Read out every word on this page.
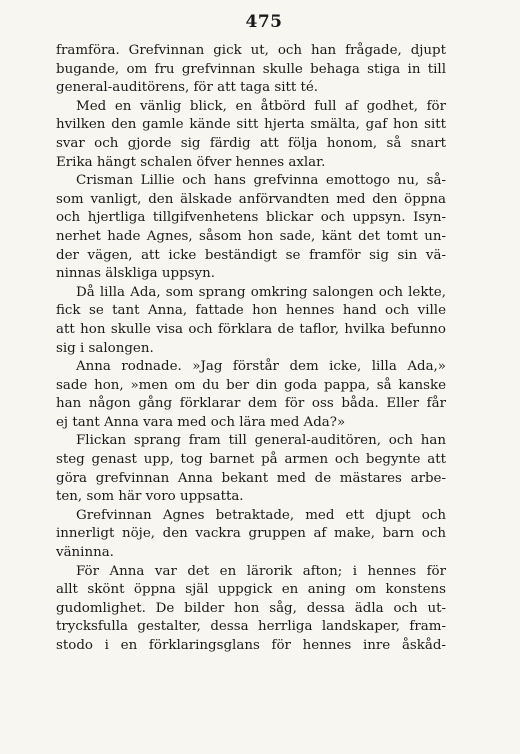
475

framföra. Grefvinnan gick ut, och han frågade, djupt
bugande, om fru grefvinnan skulle behaga stiga in till
general-auditörens, för att taga sitt té.

Med en vänlig blick, en åtbörd full af godhet, för
hvilken den gamle kände sitt hjerta smälta, gaf hon sitt
svar och gjorde sig färdig att följa honom, så snart
Erika hängt schalen öfver hennes axlar.

Crisman Lillie och hans grefvinna emottogo nu, så-
som vanligt, den älskade anförvandten med den öppna
och hjertliga tillgifvenhetens blickar och uppsyn. Isyn-
nerhet hade Agnes, såsom hon sade, känt det tomt un-
der vägen, att icke beständigt se framför sig sin vä-
ninnas älskliga uppsyn.

Då lilla Ada, som sprang omkring salongen och lekte,
fick se tant Anna, fattade hon hennes hand och ville
att hon skulle visa och förklara de taflor, hvilka befunno
sig i salongen.

Anna rodnade. »Jag förstår dem icke, lilla Ada,»
sade hon, »men om du ber din goda pappa, så kanske
han någon gång förklarar dem för oss båda. Eller får
ej tant Anna vara med och lära med Ada?»

Flickan sprang fram till general-auditören, och han
steg genast upp, tog barnet på armen och begynte att
göra grefvinnan Anna bekant med de mästares arbe-
ten, som här voro uppsatta.

Grefvinnan Agnes betraktade, med ett djupt och
innerligt nöje, den vackra gruppen af make, barn och
väninna.

För Anna var det en lärorik afton; i hennes för
allt skönt öppna själ uppgick en aning om konstens
gudomlighet. De bilder hon såg, dessa ädla och ut-
trycksfulla gestalter, dessa herrliga landskaper, fram-
stodo i en förklaringsglans för hennes inre åskåd-
